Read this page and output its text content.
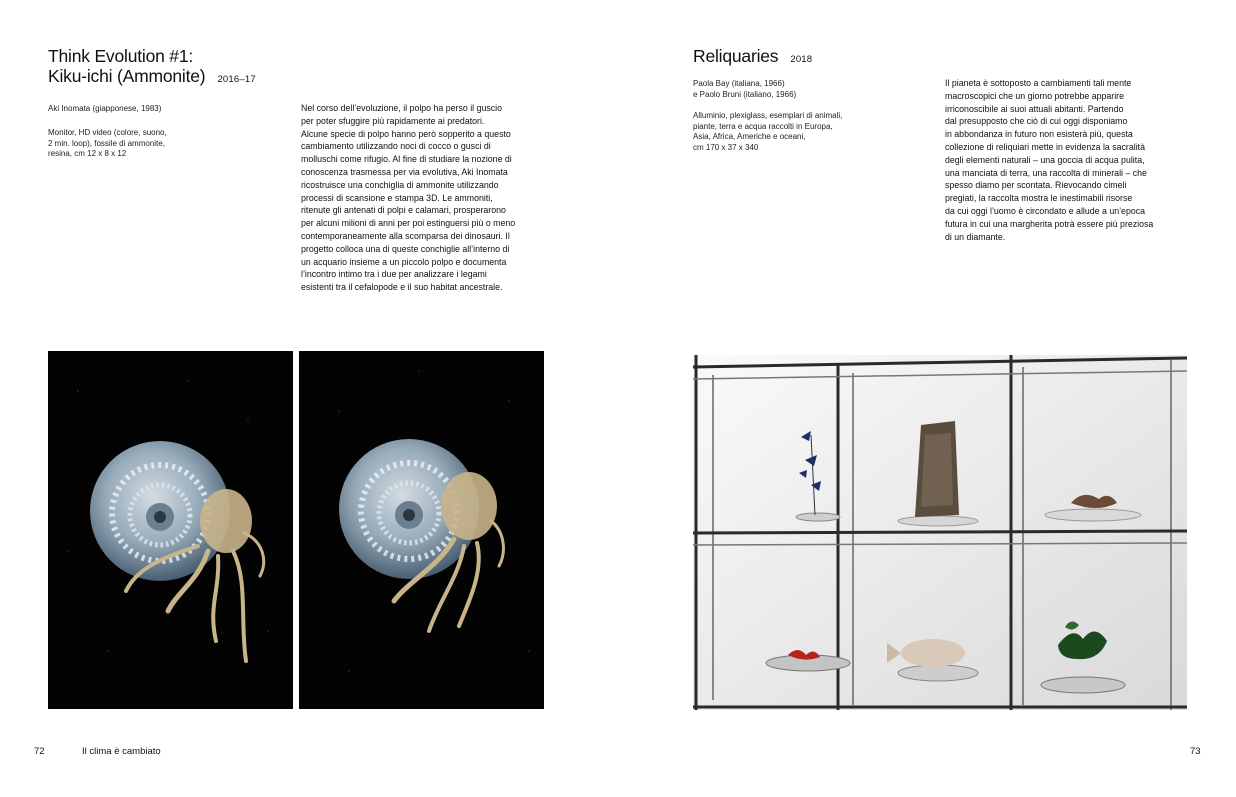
Think Evolution #1:
Kiku-ichi (Ammonite) 2016–17

Aki Inomata (giapponese, 1983)

Monitor, HD video (colore, suono,
2 min. loop), fossile di ammonite,
resina, cm 12 x 8 x 12

Nel corso dell’evoluzione, il polpo ha perso il guscio
per poter sfuggire più rapidamente ai predatori.
Alcune specie di polpo hanno però sopperito a questo
cambiamento utilizzando noci di cocco o gusci di
molluschi come rifugio. Al fine di studiare la nozione di
conoscenza trasmessa per via evolutiva, Aki Inomata
ricostruisce una conchiglia di ammonite utilizzando
processi di scansione e stampa 3D. Le ammoniti,
ritenute gli antenati di polpi e calamari, prosperarono
per alcuni milioni di anni per poi estinguersi più o meno
contemporaneamente alla scomparsa dei dinosauri. Il
progetto colloca una di queste conchiglie all’interno di
un acquario insieme a un piccolo polpo e documenta
l’incontro intimo tra i due per analizzare i legami
esistenti tra il cefalopode e il suo habitat ancestrale.

72	Il clima è cambiato
Reliquaries 2018

Paola Bay (italiana, 1966)
e Paolo Bruni (italiano, 1966)

Alluminio, plexiglass, esemplari di animali,
piante, terra e acqua raccolti in Europa,
Asia, Africa, Americhe e oceani,
cm 170 x 37 x 340

Il pianeta è sottoposto a cambiamenti tali mente
macroscopici che un giorno potrebbe apparire
irriconoscibile ai suoi attuali abitanti. Partendo
dal presupposto che ciò di cui oggi disponiamo
in abbondanza in futuro non esisterà più, questa
collezione di reliquiari mette in evidenza la sacralità
degli elementi naturali – una goccia di acqua pulita,
una manciata di terra, una raccolta di minerali – che
spesso diamo per scontata. Rievocando cimeli
pregiati, la raccolta mostra le inestimabili risorse
da cui oggi l’uomo è circondato e allude a un’epoca
futura in cui una margherita potrà essere più preziosa
di un diamante.

73
